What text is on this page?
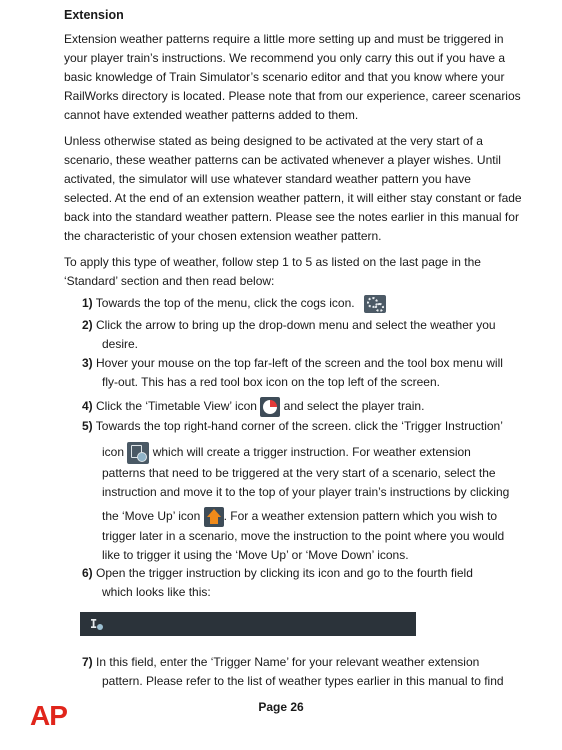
Extension

Extension weather patterns require a little more setting up and must be triggered in your player train’s instructions. We recommend you only carry this out if you have a basic knowledge of Train Simulator’s scenario editor and that you know where your RailWorks directory is located. Please note that from our experience, career scenarios cannot have extended weather patterns added to them.

Unless otherwise stated as being designed to be activated at the very start of a scenario, these weather patterns can be activated whenever a player wishes. Until activated, the simulator will use whatever standard weather pattern you have selected. At the end of an extension weather pattern, it will either stay constant or fade back into the standard weather pattern. Please see the notes earlier in this manual for the characteristic of your chosen extension weather pattern.

To apply this type of weather, follow step 1 to 5 as listed on the last page in the ‘Standard’ section and then read below:

1) Towards the top of the menu, click the cogs icon.
2) Click the arrow to bring up the drop-down menu and select the weather you
desire.
3) Hover your mouse on the top far-left of the screen and the tool box menu will
fly-out. This has a red tool box icon on the top left of the screen.
4) Click the ‘Timetable View’ icon and select the player train.
5) Towards the top right-hand corner of the screen. click the ‘Trigger Instruction’
icon which will create a trigger instruction. For weather extension
patterns that need to be triggered at the very start of a scenario, select the
instruction and move it to the top of your player train’s instructions by clicking
the ‘Move Up’ icon . For a weather extension pattern which you wish to
trigger later in a scenario, move the instruction to the point where you would
like to trigger it using the ‘Move Up’ or ‘Move Down’ icons.
6) Open the trigger instruction by clicking its icon and go to the fourth field
which looks like this:
7) In this field, enter the ‘Trigger Name’ for your relevant weather extension
pattern. Please refer to the list of weather types earlier in this manual to find
I
AP	Page 26
